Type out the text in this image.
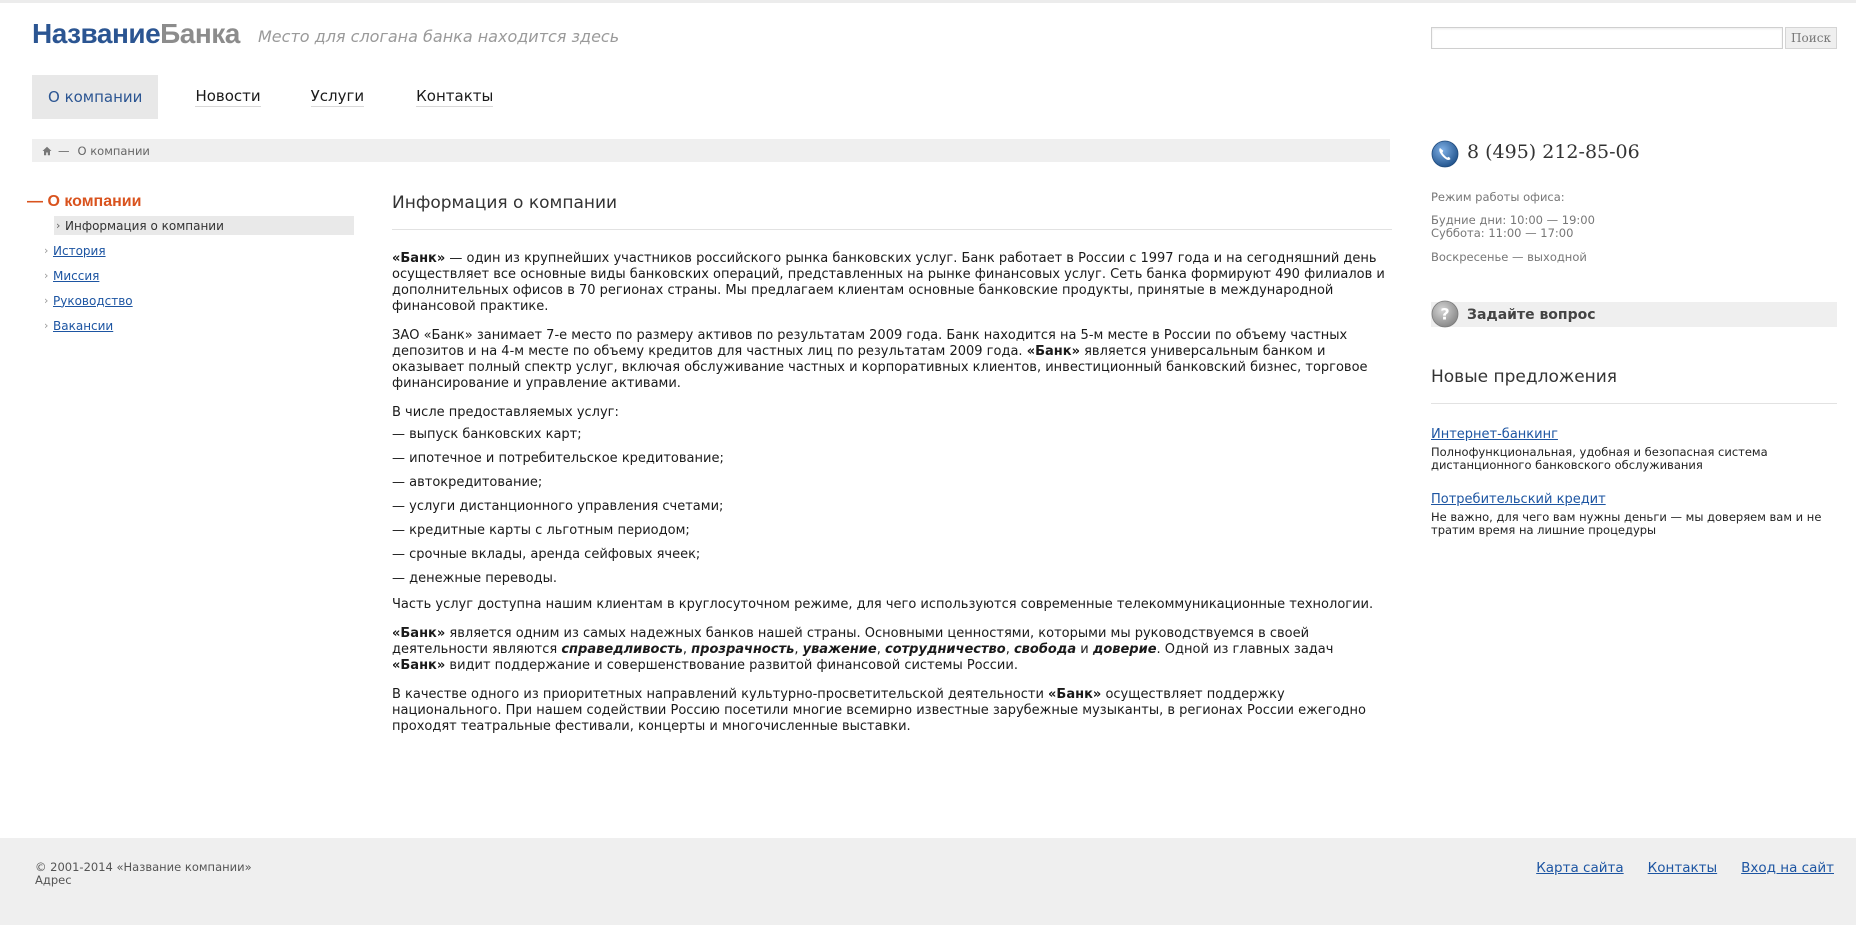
НазваниеБанка Место для слогана банка находится здесь	Поиск
О компании	Новости	Услуги	Контакты
— О компании
— О компании
› Информация о компании
› История
› Миссия
› Руководство
› Вакансии
Информация о компании

«Банк» — один из крупнейших участников российского рынка банковских услуг. Банк работает в России с 1997 года и на сегодняшний день осуществляет все основные виды банковских операций, представленных на рынке финансовых услуг. Сеть банка формируют 490 филиалов и дополнительных офисов в 70 регионах страны. Мы предлагаем клиентам основные банковские продукты, принятые в международной финансовой практике.

ЗАО «Банк» занимает 7-е место по размеру активов по результатам 2009 года. Банк находится на 5-м месте в России по объему частных депозитов и на 4-м месте по объему кредитов для частных лиц по результатам 2009 года. «Банк» является универсальным банком и оказывает полный спектр услуг, включая обслуживание частных и корпоративных клиентов, инвестиционный банковский бизнес, торговое финансирование и управление активами.

В числе предоставляемых услуг:

— выпуск банковских карт;
— ипотечное и потребительское кредитование;
— автокредитование;
— услуги дистанционного управления счетами;
— кредитные карты с льготным периодом;
— срочные вклады, аренда сейфовых ячеек;
— денежные переводы.

Часть услуг доступна нашим клиентам в круглосуточном режиме, для чего используются современные телекоммуникационные технологии.

«Банк» является одним из самых надежных банков нашей страны. Основными ценностями, которыми мы руководствуемся в своей деятельности являются справедливость, прозрачность, уважение, сотрудничество, свобода и доверие. Одной из главных задач «Банк» видит поддержание и совершенствование развитой финансовой системы России.

В качестве одного из приоритетных направлений культурно-просветительской деятельности «Банк» осуществляет поддержку национального. При нашем содействии Россию посетили многие всемирно известные зарубежные музыканты, в регионах России ежегодно проходят театральные фестивали, концерты и многочисленные выставки.

8 (495) 212-85-06
Режим работы офиса:
Будние дни: 10:00 — 19:00
Суббота: 11:00 — 17:00
Воскресенье — выходной
? Задайте вопрос
Новые предложения
Интернет-банкинг
Полнофункциональная, удобная и безопасная система дистанционного банковского обслуживания
Потребительский кредит
Не важно, для чего вам нужны деньги — мы доверяем вам и не тратим время на лишние процедуры
© 2001-2014 «Название компании»
Адрес
Карта сайта Контакты Вход на сайт
